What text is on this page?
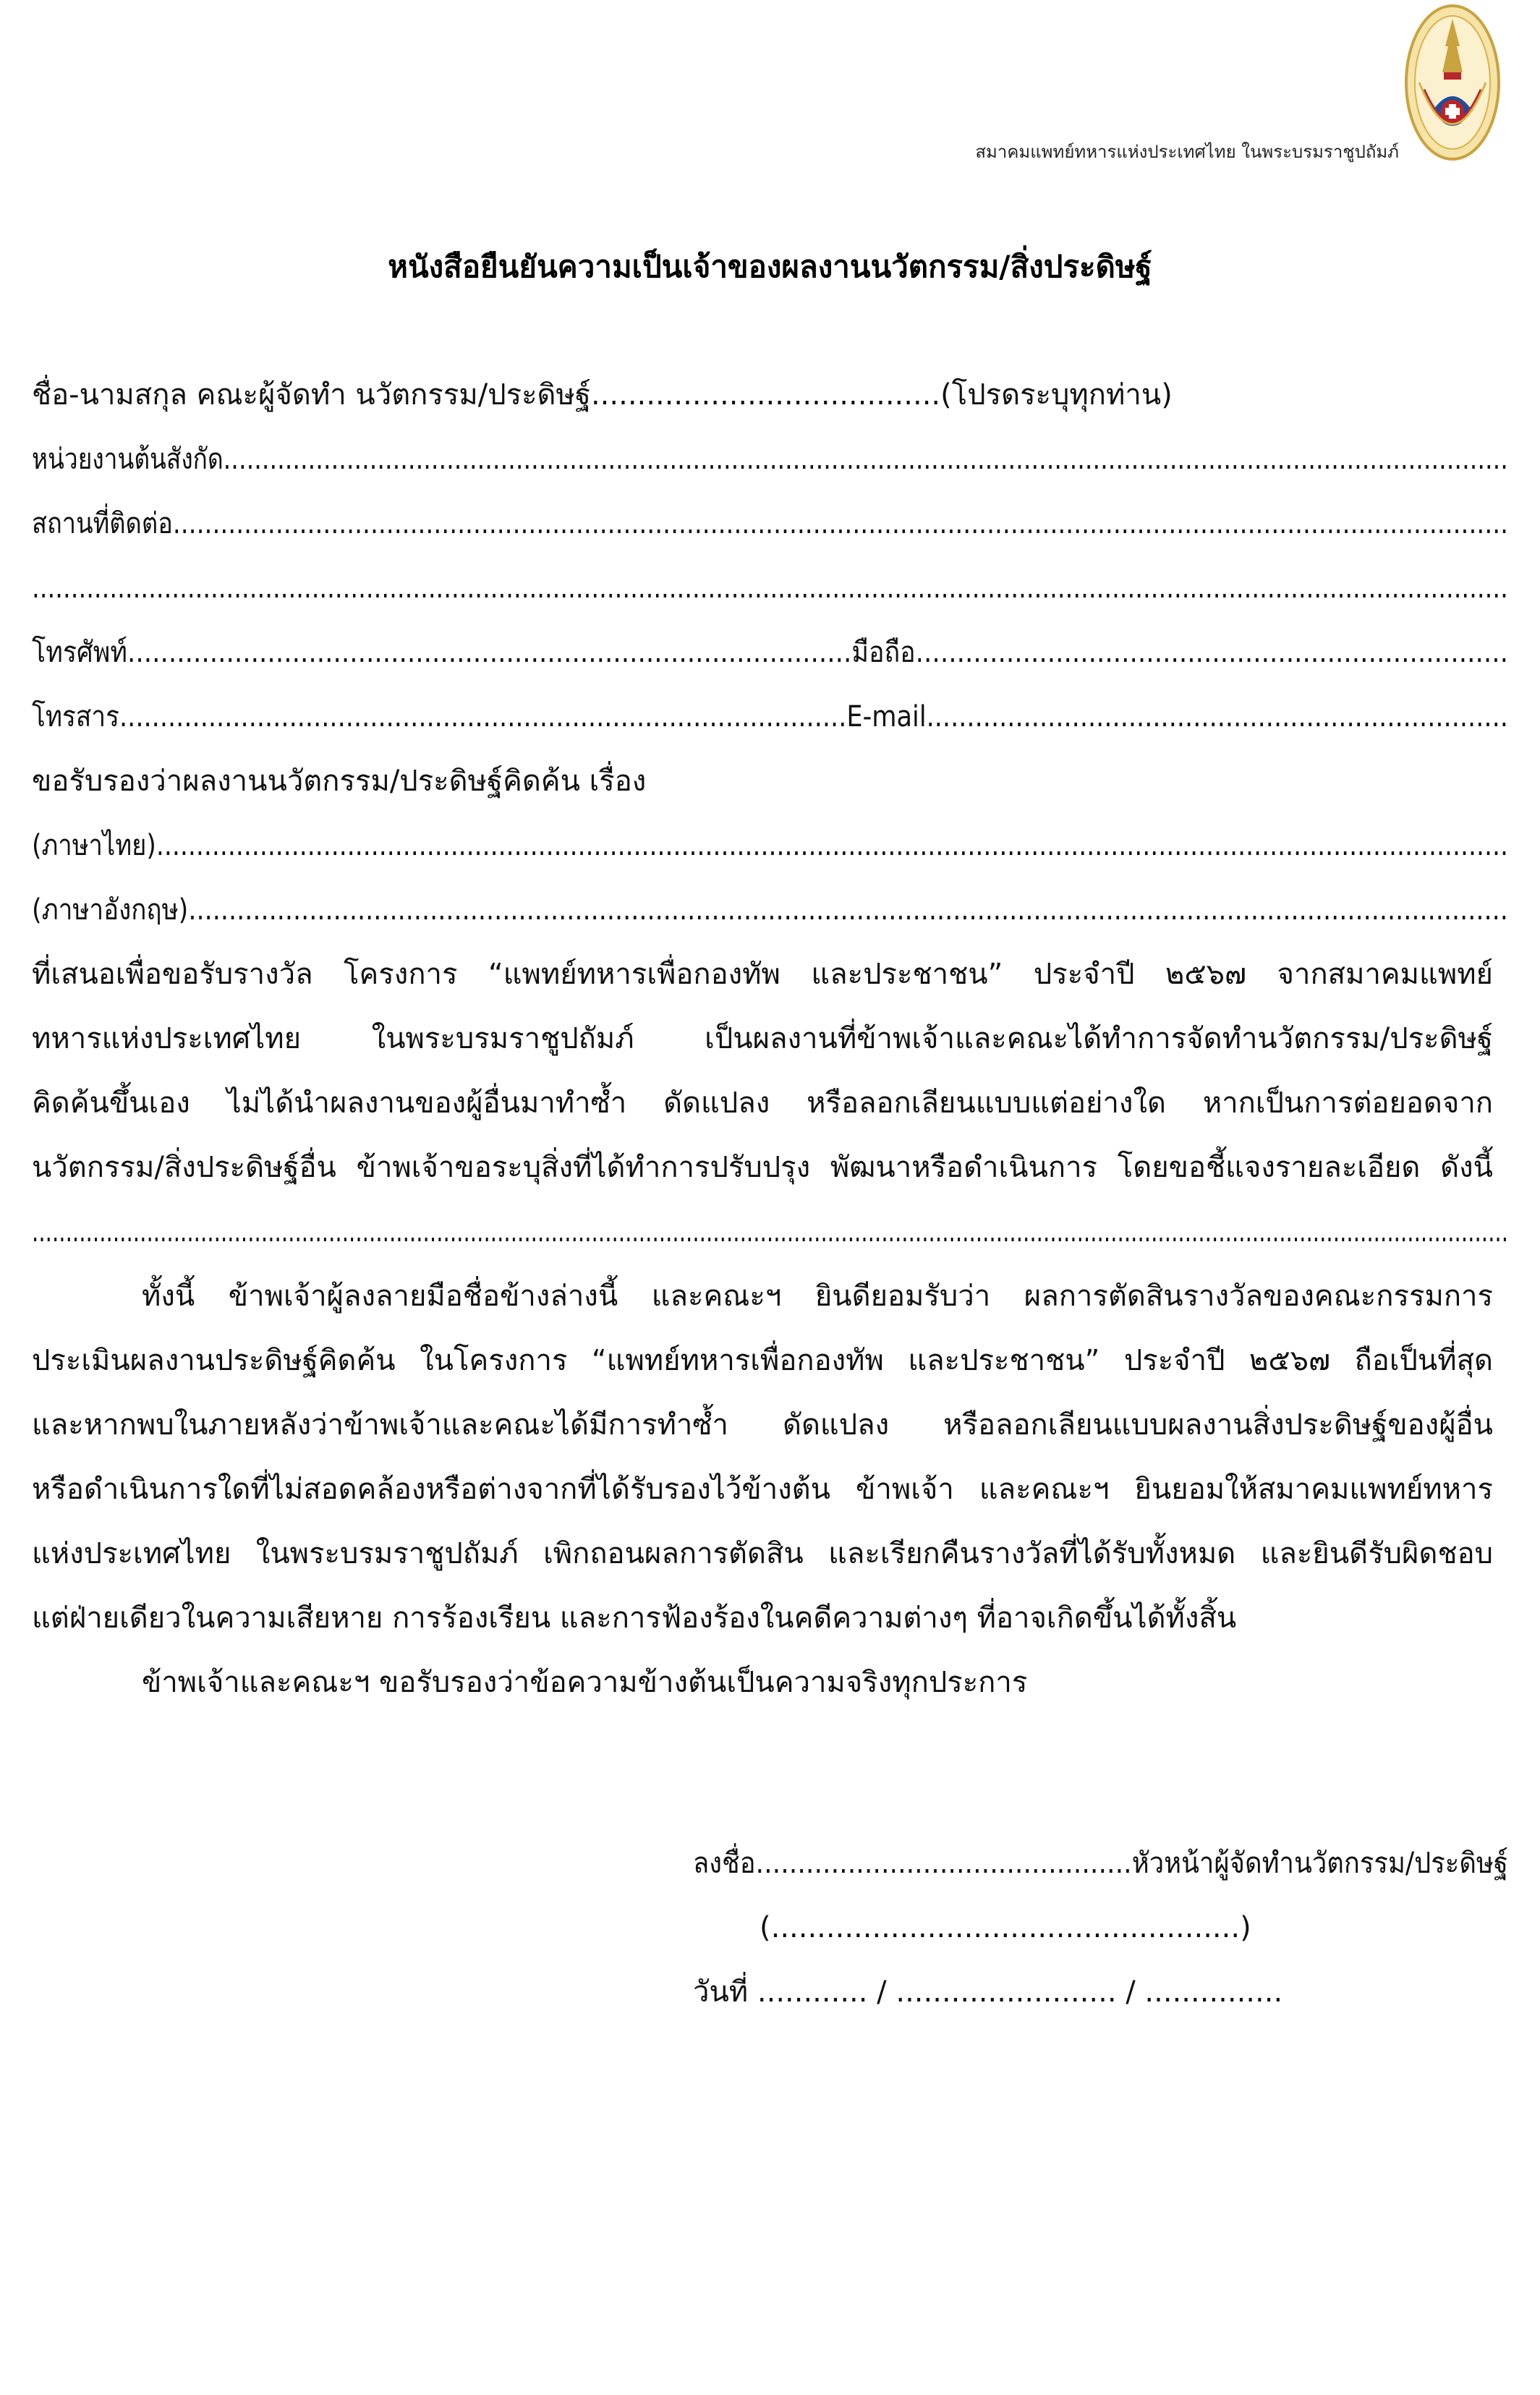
สมาคมแพทย์ทหารแห่งประเทศไทย ในพระบรมราชูปถัมภ์
หนังสือยืนยันความเป็นเจ้าของผลงานนวัตกรรม/สิ่งประดิษฐ์
ชื่อ-นามสกุล คณะผู้จัดทำ นวัตกรรม/ประดิษฐ์......................................(โปรดระบุทุกท่าน)
หน่วยงานต้นสังกัด.......................................................................................................................................................................
สถานที่ติดต่อ.........................................................................................................................................................................
..............................................................................................................................................................................................
โทรศัพท์........................................................................................มือถือ........................................................................
โทรสาร..........................................................................................E-mail........................................................................
ขอรับรองว่าผลงานนวัตกรรม/ประดิษฐ์คิดค้น เรื่อง
(ภาษาไทย)..........................................................................................................................................................................
(ภาษาอังกฤษ)....................................................................................................................................................................
ที่เสนอเพื่อขอรับรางวัล โครงการ “แพทย์ทหารเพื่อกองทัพ และประชาชน” ประจำปี ๒๕๖๗ จากสมาคมแพทย์
ทหารแห่งประเทศไทย ในพระบรมราชูปถัมภ์ เป็นผลงานที่ข้าพเจ้าและคณะได้ทำการจัดทำนวัตกรรม/ประดิษฐ์
คิดค้นขึ้นเอง ไม่ได้นำผลงานของผู้อื่นมาทำซ้ำ ดัดแปลง หรือลอกเลียนแบบแต่อย่างใด หากเป็นการต่อยอดจาก
นวัตกรรม/สิ่งประดิษฐ์อื่น ข้าพเจ้าขอระบุสิ่งที่ได้ทำการปรับปรุง พัฒนาหรือดำเนินการ โดยขอชี้แจงรายละเอียด ดังนี้
...........................................................................................................................................................................................................................
ทั้งนี้ ข้าพเจ้าผู้ลงลายมือชื่อข้างล่างนี้ และคณะฯ ยินดียอมรับว่า ผลการตัดสินรางวัลของคณะกรรมการ
ประเมินผลงานประดิษฐ์คิดค้น ในโครงการ “แพทย์ทหารเพื่อกองทัพ และประชาชน” ประจำปี ๒๕๖๗ ถือเป็นที่สุด
และหากพบในภายหลังว่าข้าพเจ้าและคณะได้มีการทำซ้ำ ดัดแปลง หรือลอกเลียนแบบผลงานสิ่งประดิษฐ์ของผู้อื่น
หรือดำเนินการใดที่ไม่สอดคล้องหรือต่างจากที่ได้รับรองไว้ข้างต้น ข้าพเจ้า และคณะฯ ยินยอมให้สมาคมแพทย์ทหาร
แห่งประเทศไทย ในพระบรมราชูปถัมภ์ เพิกถอนผลการตัดสิน และเรียกคืนรางวัลที่ได้รับทั้งหมด และยินดีรับผิดชอบ
แต่ฝ่ายเดียวในความเสียหาย การร้องเรียน และการฟ้องร้องในคดีความต่างๆ ที่อาจเกิดขึ้นได้ทั้งสิ้น
ข้าพเจ้าและคณะฯ ขอรับรองว่าข้อความข้างต้นเป็นความจริงทุกประการ
ลงชื่อ.............................................หัวหน้าผู้จัดทำนวัตกรรม/ประดิษฐ์
(...................................................)
วันที่ ............ / ........................ / ...............
